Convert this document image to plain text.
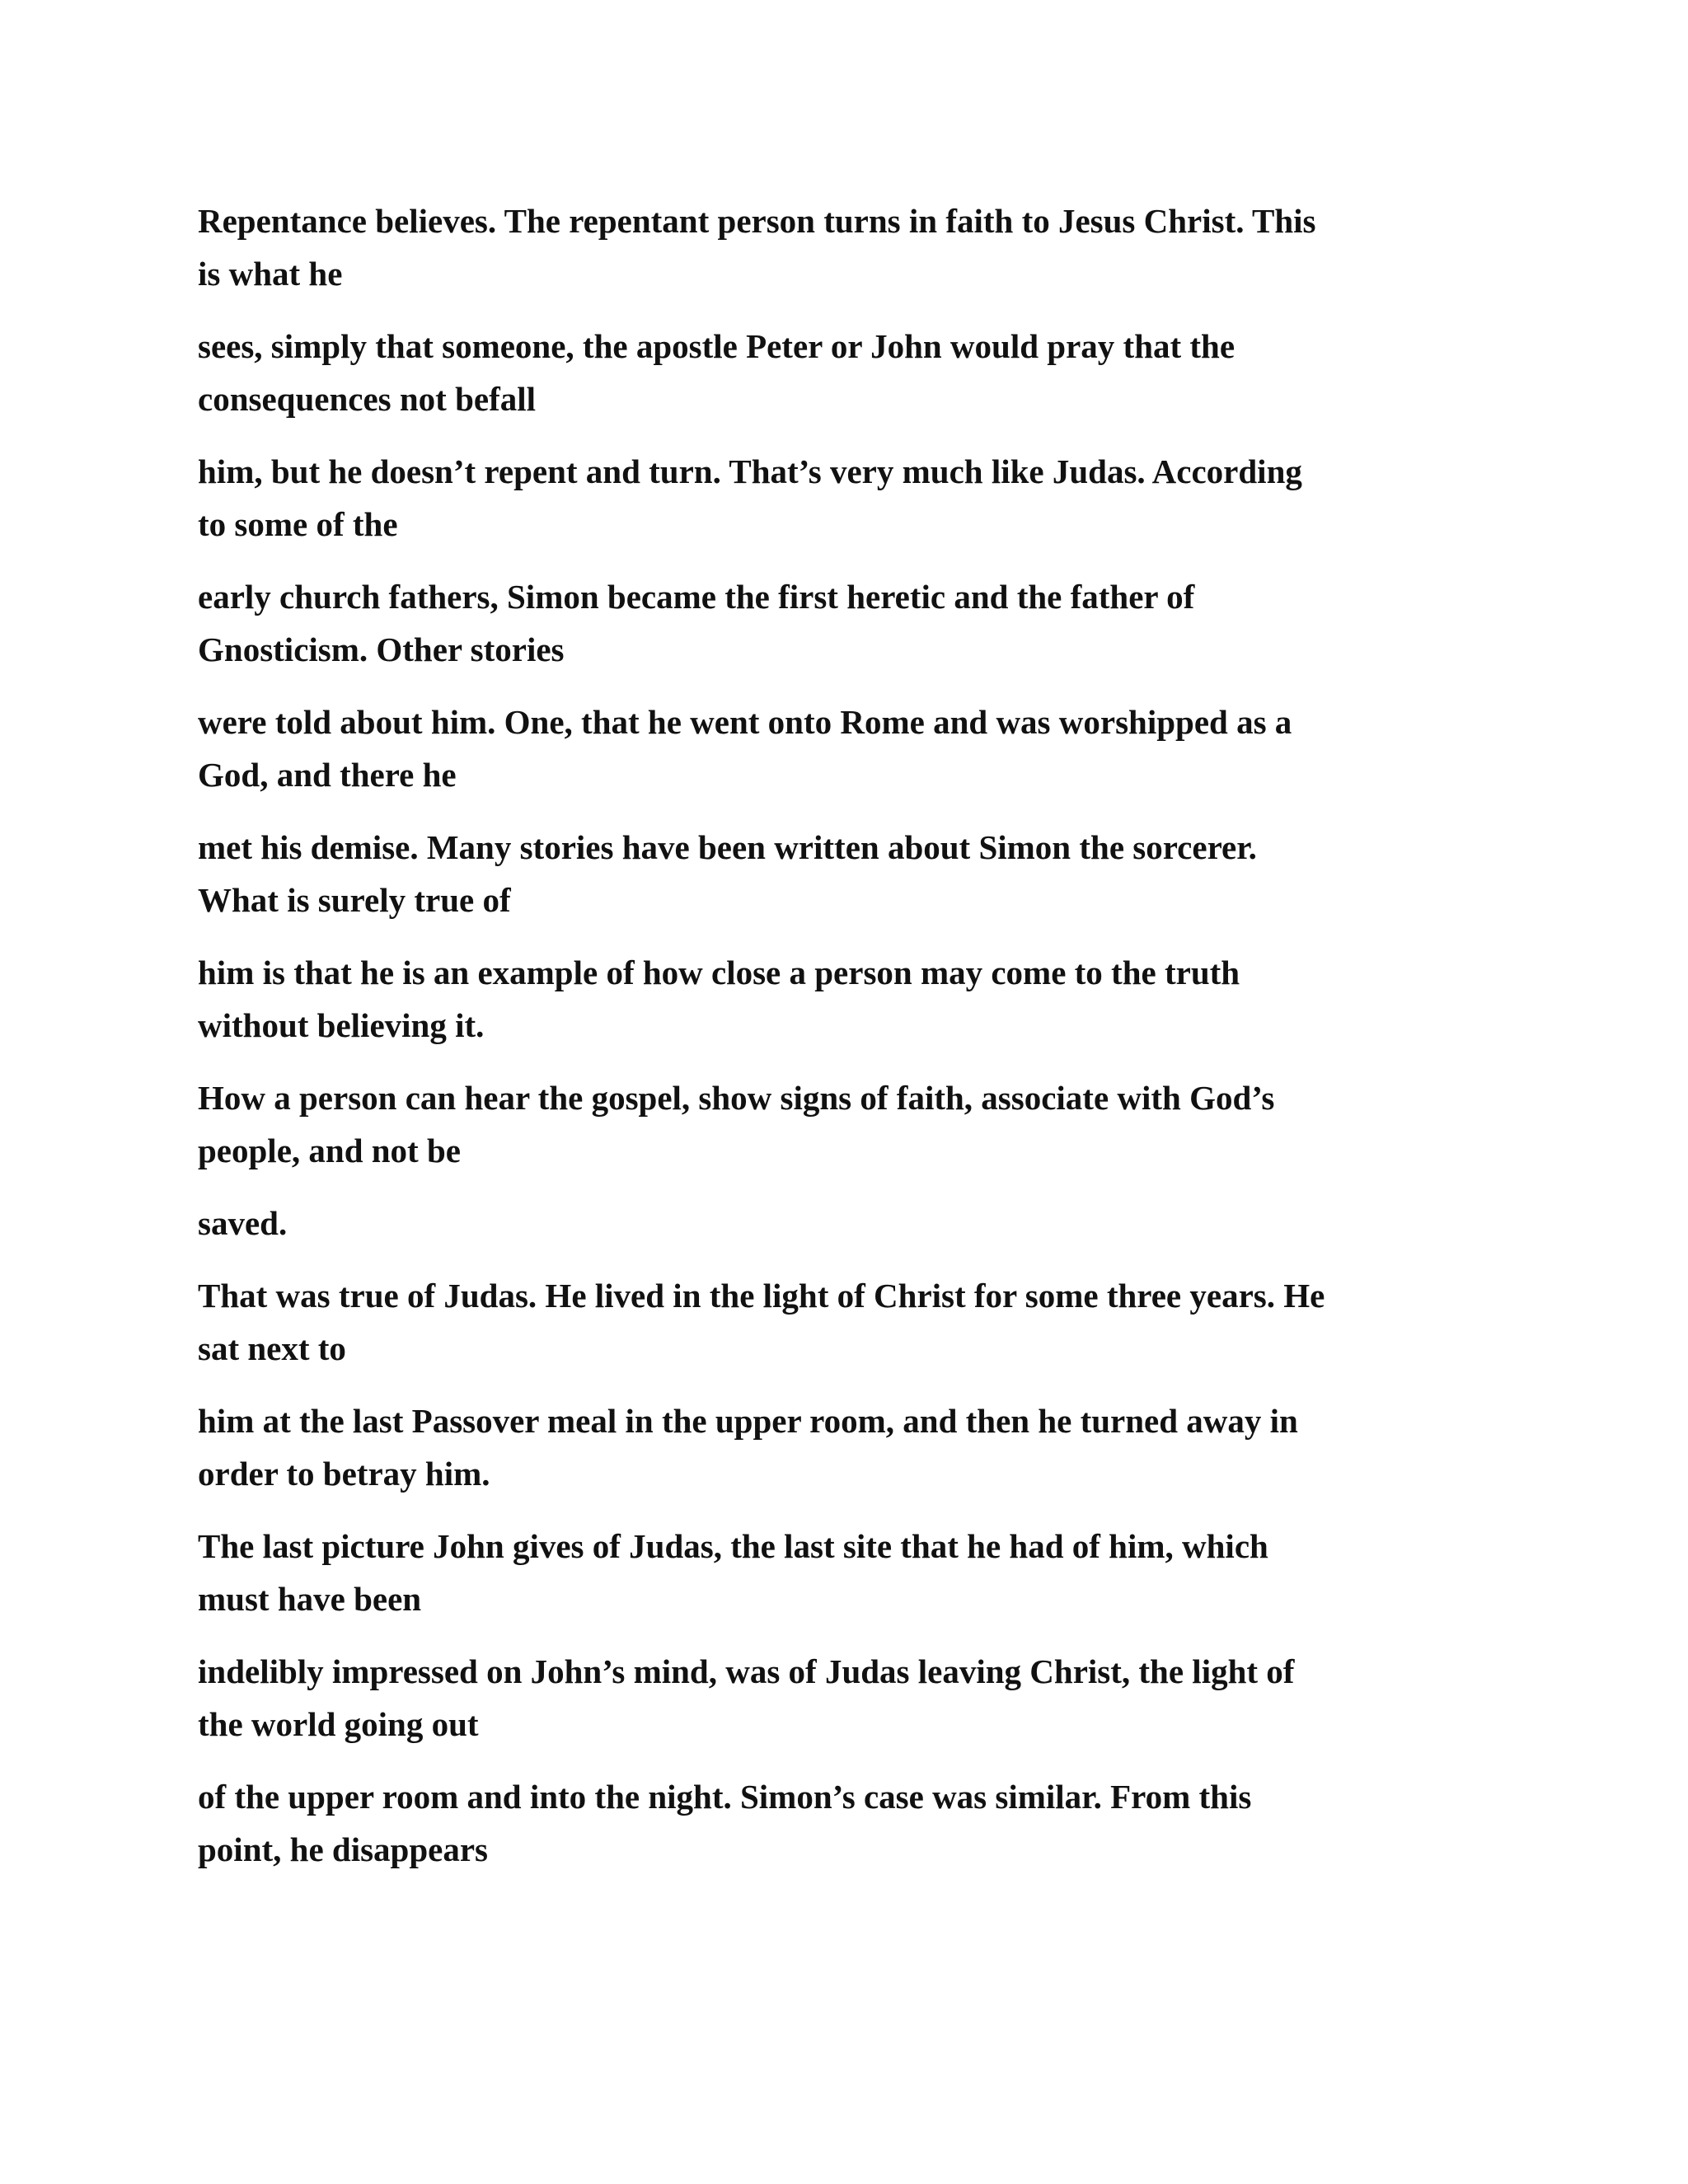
Repentance believes. The repentant person turns in faith to Jesus Christ. This
is what he

sees, simply that someone, the apostle Peter or John would pray that the
consequences not befall

him, but he doesn’t repent and turn. That’s very much like Judas. According
to some of the

early church fathers, Simon became the first heretic and the father of
Gnosticism. Other stories

were told about him. One, that he went onto Rome and was worshipped as a
God, and there he

met his demise. Many stories have been written about Simon the sorcerer.
What is surely true of

him is that he is an example of how close a person may come to the truth
without believing it.

How a person can hear the gospel, show signs of faith, associate with God’s
people, and not be

saved.

That was true of Judas. He lived in the light of Christ for some three years. He
sat next to

him at the last Passover meal in the upper room, and then he turned away in
order to betray him.

The last picture John gives of Judas, the last site that he had of him, which
must have been

indelibly impressed on John’s mind, was of Judas leaving Christ, the light of
the world going out

of the upper room and into the night. Simon’s case was similar. From this
point, he disappears
